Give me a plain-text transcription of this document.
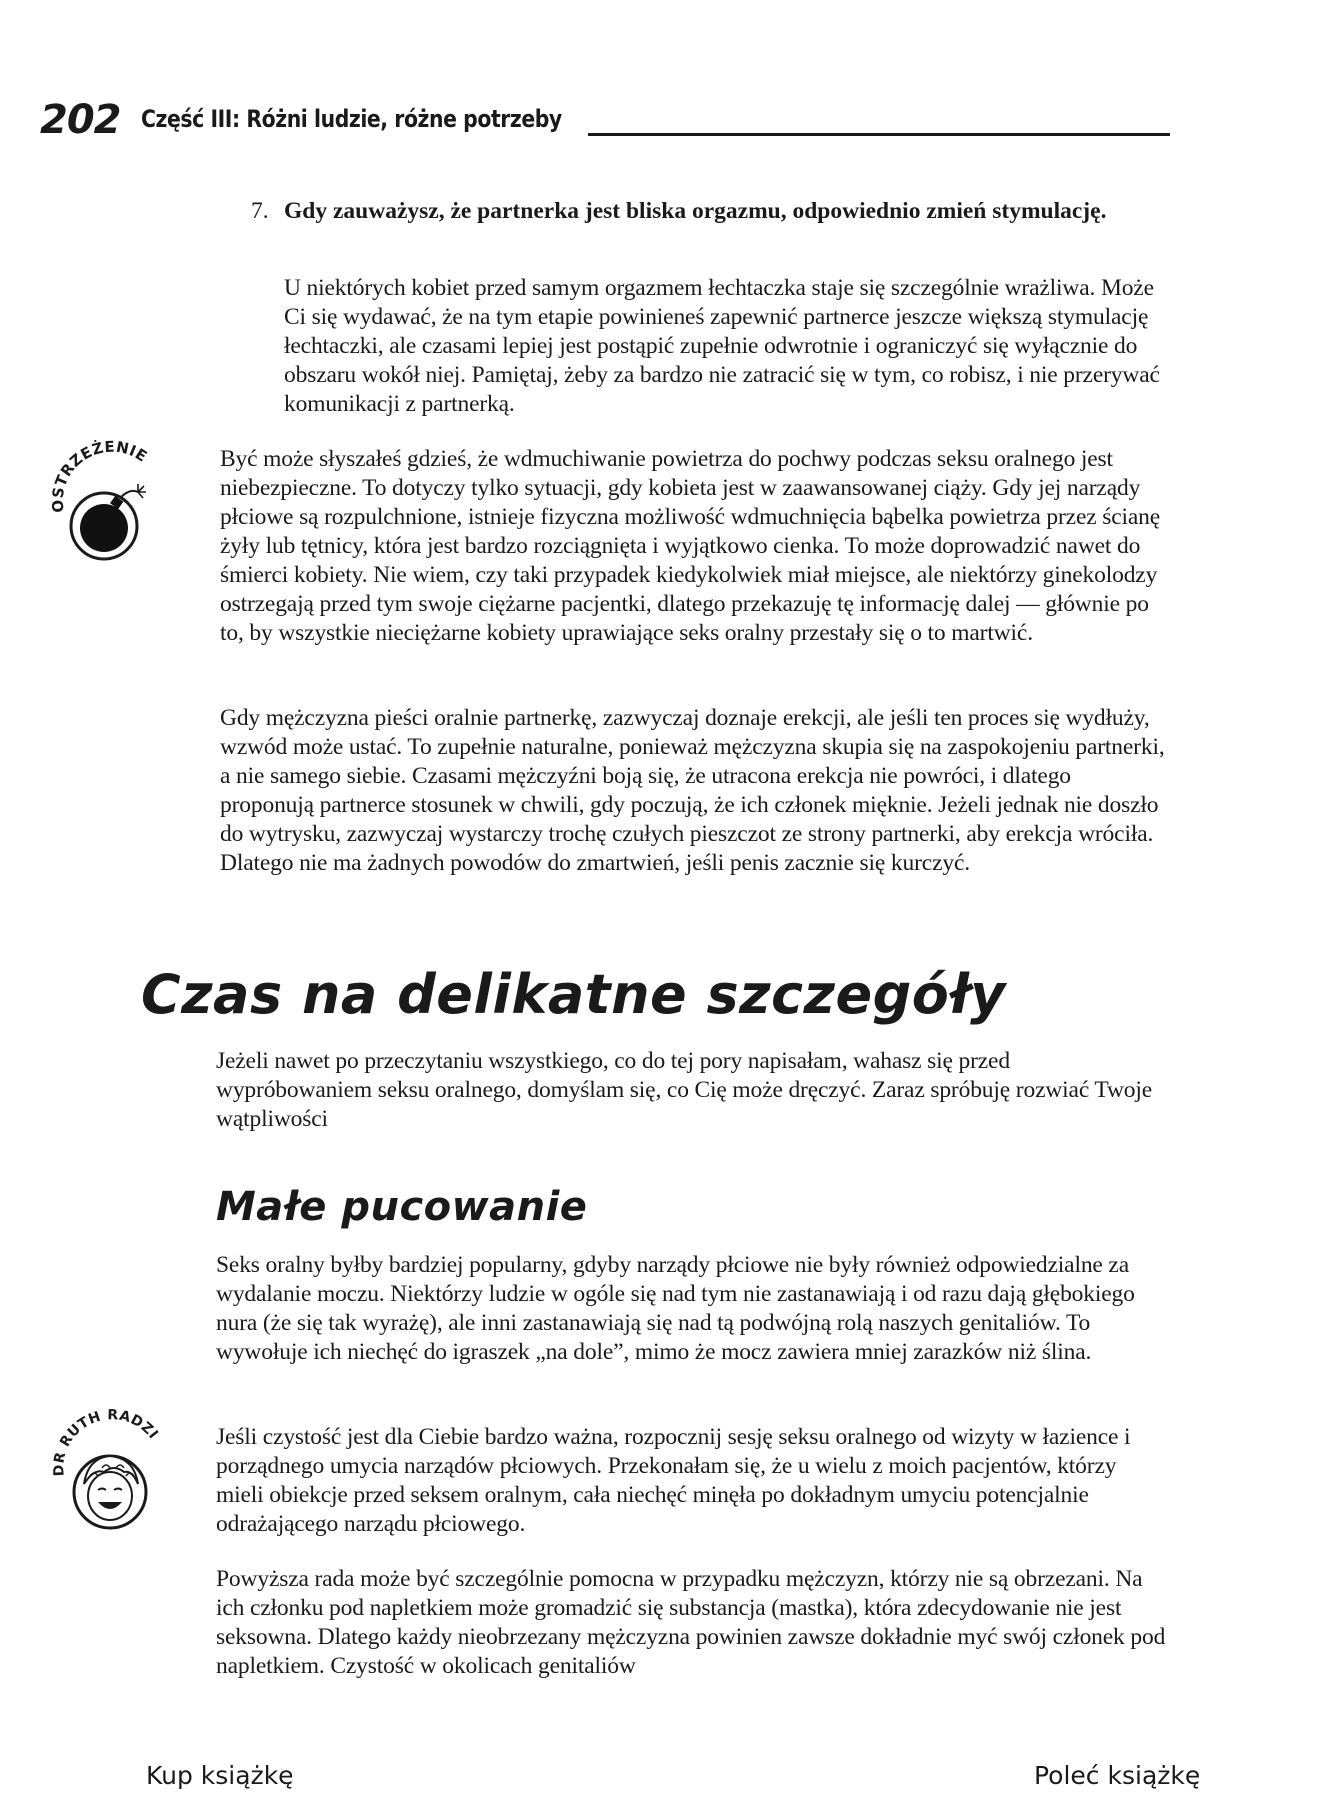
202 Część III: Różni ludzie, różne potrzeby
7. Gdy zauważysz, że partnerka jest bliska orgazmu, odpowiednio zmień stymulację.

U niektórych kobiet przed samym orgazmem łechtaczka staje się szczególnie wrażliwa. Może Ci się wydawać, że na tym etapie powinieneś zapewnić partnerce jeszcze większą stymulację łechtaczki, ale czasami lepiej jest postąpić zupełnie odwrotnie i ograniczyć się wyłącznie do obszaru wokół niej. Pamiętaj, żeby za bardzo nie zatracić się w tym, co robisz, i nie przerywać komunikacji z partnerką.

OSTRZEŻENIE	Być może słyszałeś gdzieś, że wdmuchiwanie powietrza do pochwy podczas seksu oralnego jest niebezpieczne. To dotyczy tylko sytuacji, gdy kobieta jest w zaawansowanej ciąży. Gdy jej narządy płciowe są rozpulchnione, istnieje fizyczna możliwość wdmuchnięcia bąbelka powietrza przez ścianę żyły lub tętnicy, która jest bardzo rozciągnięta i wyjątkowo cienka. To może doprowadzić nawet do śmierci kobiety. Nie wiem, czy taki przypadek kiedykolwiek miał miejsce, ale niektórzy ginekolodzy ostrzegają przed tym swoje ciężarne pacjentki, dlatego przekazuję tę informację dalej — głównie po to, by wszystkie nieciężarne kobiety uprawiające seks oralny przestały się o to martwić.

Gdy mężczyzna pieści oralnie partnerkę, zazwyczaj doznaje erekcji, ale jeśli ten proces się wydłuży, wzwód może ustać. To zupełnie naturalne, ponieważ mężczyzna skupia się na zaspokojeniu partnerki, a nie samego siebie. Czasami mężczyźni boją się, że utracona erekcja nie powróci, i dlatego proponują partnerce stosunek w chwili, gdy poczują, że ich członek mięknie. Jeżeli jednak nie doszło do wytrysku, zazwyczaj wystarczy trochę czułych pieszczot ze strony partnerki, aby erekcja wróciła. Dlatego nie ma żadnych powodów do zmartwień, jeśli penis zacznie się kurczyć.

Czas na delikatne szczegóły

Jeżeli nawet po przeczytaniu wszystkiego, co do tej pory napisałam, wahasz się przed wypróbowaniem seksu oralnego, domyślam się, co Cię może dręczyć. Zaraz spróbuję rozwiać Twoje wątpliwości

Małe pucowanie

Seks oralny byłby bardziej popularny, gdyby narządy płciowe nie były również odpowiedzialne za wydalanie moczu. Niektórzy ludzie w ogóle się nad tym nie zastanawiają i od razu dają głębokiego nura (że się tak wyrażę), ale inni zastanawiają się nad tą podwójną rolą naszych genitaliów. To wywołuje ich niechęć do igraszek „na dole”, mimo że mocz zawiera mniej zarazków niż ślina.

DR RUTH RADZI Jeśli czystość jest dla Ciebie bardzo ważna, rozpocznij sesję seksu oralnego od wizyty w łazience i porządnego umycia narządów płciowych. Przekonałam się, że u wielu z moich pacjentów, którzy mieli obiekcje przed seksem oralnym, cała niechęć minęła po dokładnym umyciu potencjalnie odrażającego narządu płciowego.

Powyższa rada może być szczególnie pomocna w przypadku mężczyzn, którzy nie są obrzezani. Na ich członku pod napletkiem może gromadzić się substancja (mastka), która zdecydowanie nie jest seksowna. Dlatego każdy nieobrzezany mężczyzna powinien zawsze dokładnie myć swój członek pod napletkiem. Czystość w okolicach genitaliów

Kup książkę	Poleć książkę
